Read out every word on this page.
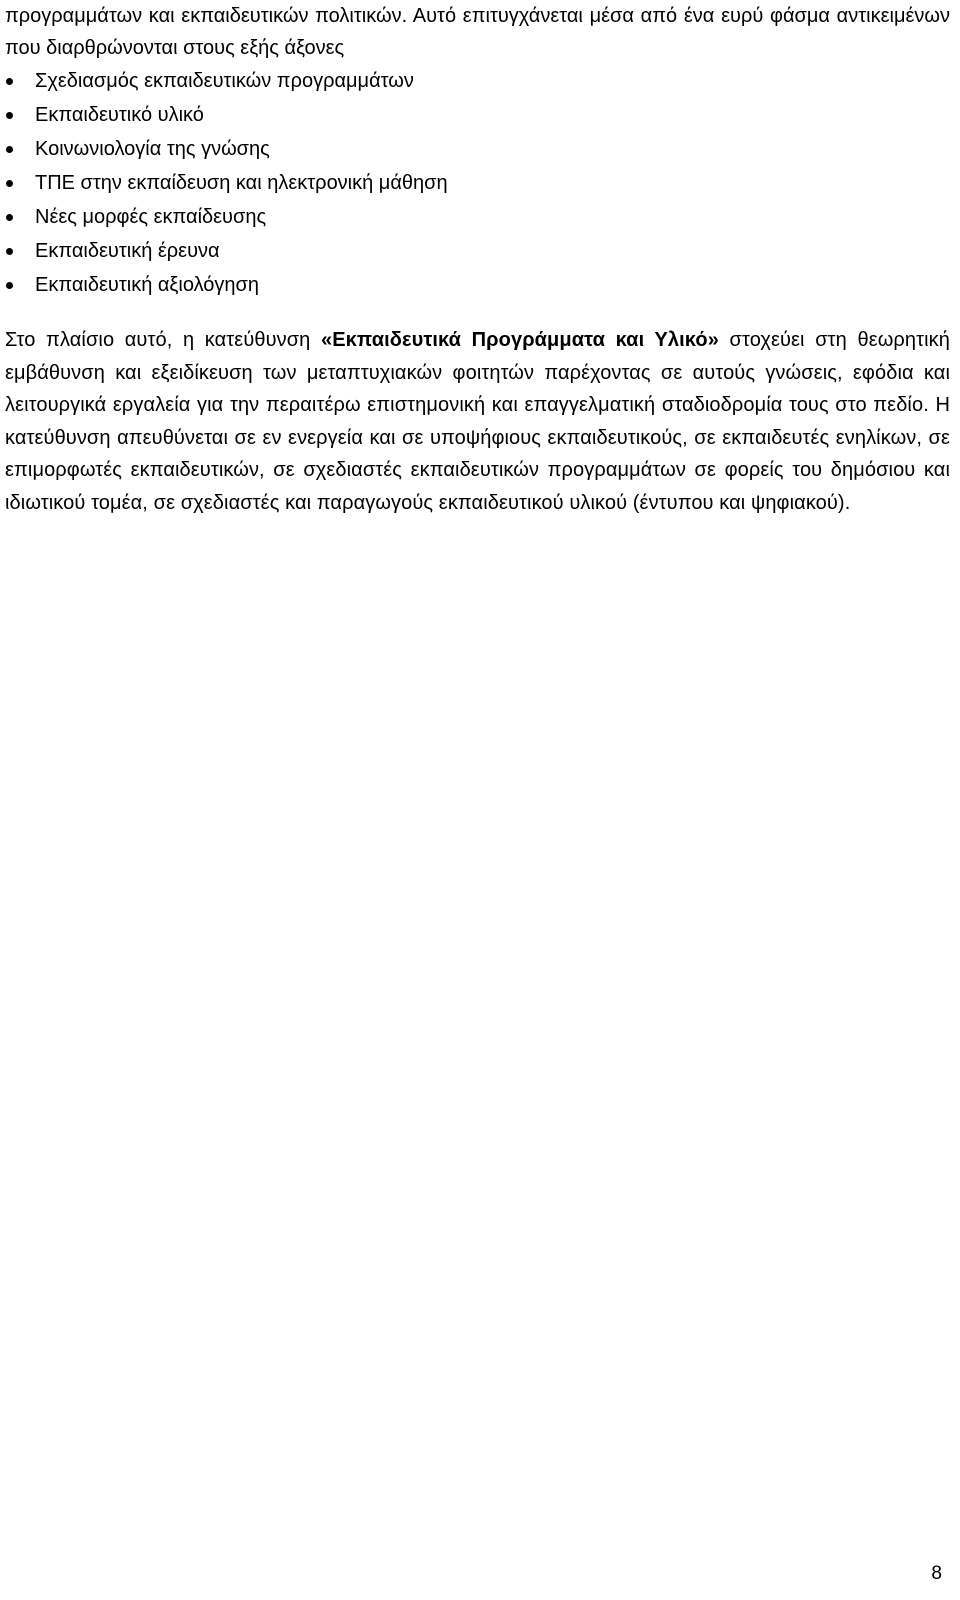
προγραμμάτων και εκπαιδευτικών πολιτικών. Αυτό επιτυγχάνεται μέσα από ένα ευρύ φάσμα αντικειμένων που διαρθρώνονται στους εξής άξονες

Σχεδιασμός εκπαιδευτικών προγραμμάτων
Εκπαιδευτικό υλικό
Κοινωνιολογία της γνώσης
ΤΠΕ στην εκπαίδευση και ηλεκτρονική μάθηση
Νέες μορφές εκπαίδευσης
Εκπαιδευτική έρευνα
Εκπαιδευτική αξιολόγηση

Στο πλαίσιο αυτό, η κατεύθυνση «Εκπαιδευτικά Προγράμματα και Υλικό» στοχεύει στη θεωρητική εμβάθυνση και εξειδίκευση των μεταπτυχιακών φοιτητών παρέχοντας σε αυτούς γνώσεις, εφόδια και λειτουργικά εργαλεία για την περαιτέρω επιστημονική και επαγγελματική σταδιοδρομία τους στο πεδίο. Η κατεύθυνση απευθύνεται σε εν ενεργεία και σε υποψήφιους εκπαιδευτικούς, σε εκπαιδευτές ενηλίκων, σε επιμορφωτές εκπαιδευτικών, σε σχεδιαστές εκπαιδευτικών προγραμμάτων σε φορείς του δημόσιου και ιδιωτικού τομέα, σε σχεδιαστές και παραγωγούς εκπαιδευτικού υλικού (έντυπου και ψηφιακού).

8
